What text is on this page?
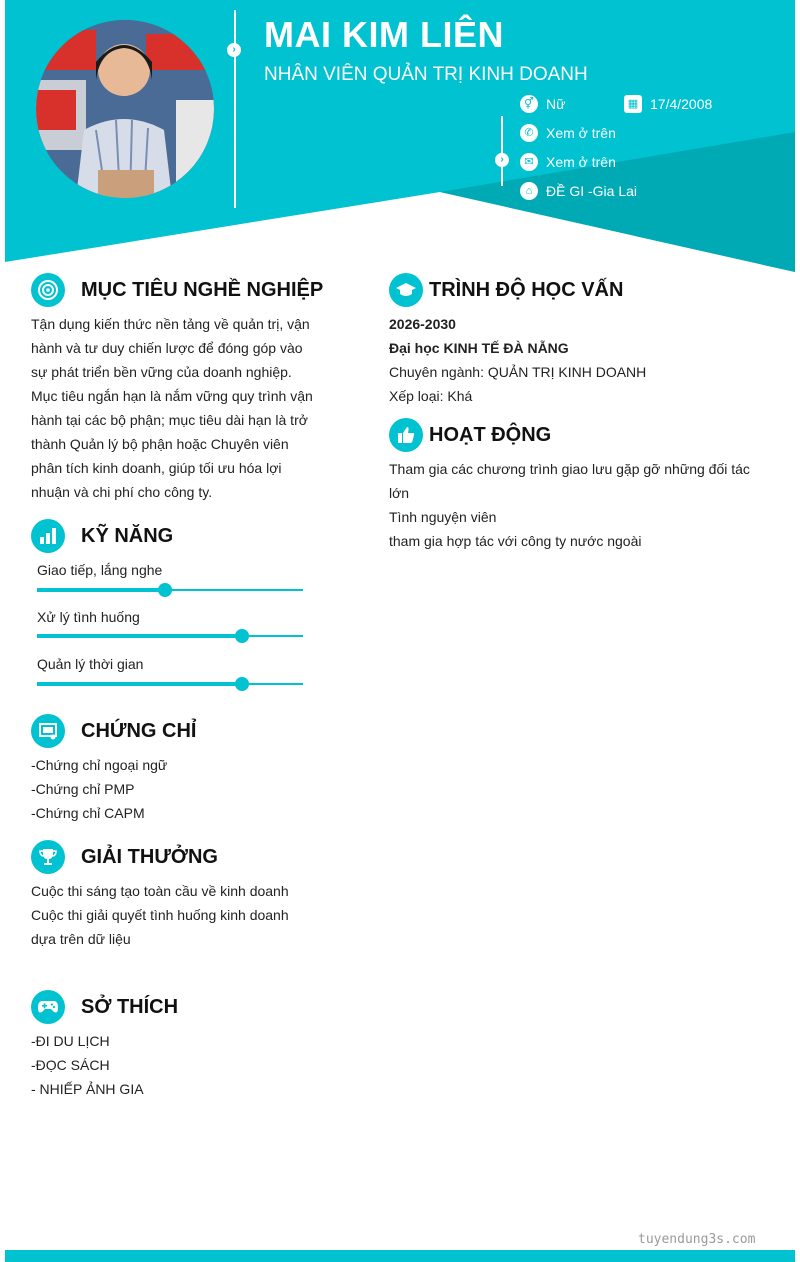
› MAI KIM LIÊN
NHÂN VIÊN QUẢN TRỊ KINH DOANH
›
⚥ Nữ	▦ 17/4/2008
✆ Xem ở trên
✉ Xem ở trên
⌂ ĐỀ GI -Gia Lai
MỤC TIÊU NGHỀ NGHIỆP
Tận dụng kiến thức nền tảng về quản trị, vận
hành và tư duy chiến lược để đóng góp vào
sự phát triển bền vững của doanh nghiệp.
Mục tiêu ngắn hạn là nắm vững quy trình vận
hành tại các bộ phận; mục tiêu dài hạn là trở
thành Quản lý bộ phận hoặc Chuyên viên
phân tích kinh doanh, giúp tối ưu hóa lợi
nhuận và chi phí cho công ty.
KỸ NĂNG
Giao tiếp, lắng nghe
Xử lý tình huống
Quản lý thời gian
CHỨNG CHỈ
-Chứng chỉ ngoại ngữ
-Chứng chỉ PMP
-Chứng chỉ CAPM
GIẢI THƯỞNG
Cuộc thi sáng tạo toàn cầu về kinh doanh
Cuộc thi giải quyết tình huống kinh doanh
dựa trên dữ liệu
SỞ THÍCH
-ĐI DU LỊCH
-ĐỌC SÁCH
- NHIẾP ẢNH GIA
TRÌNH ĐỘ HỌC VẤN
2026-2030
Đại học KINH TẾ ĐÀ NẴNG
Chuyên ngành: QUẢN TRỊ KINH DOANH
Xếp loại: Khá
HOẠT ĐỘNG
Tham gia các chương trình giao lưu gặp gỡ những đối tác
lớn
Tình nguyện viên
tham gia hợp tác với công ty nước ngoài
tuyendung3s.com
